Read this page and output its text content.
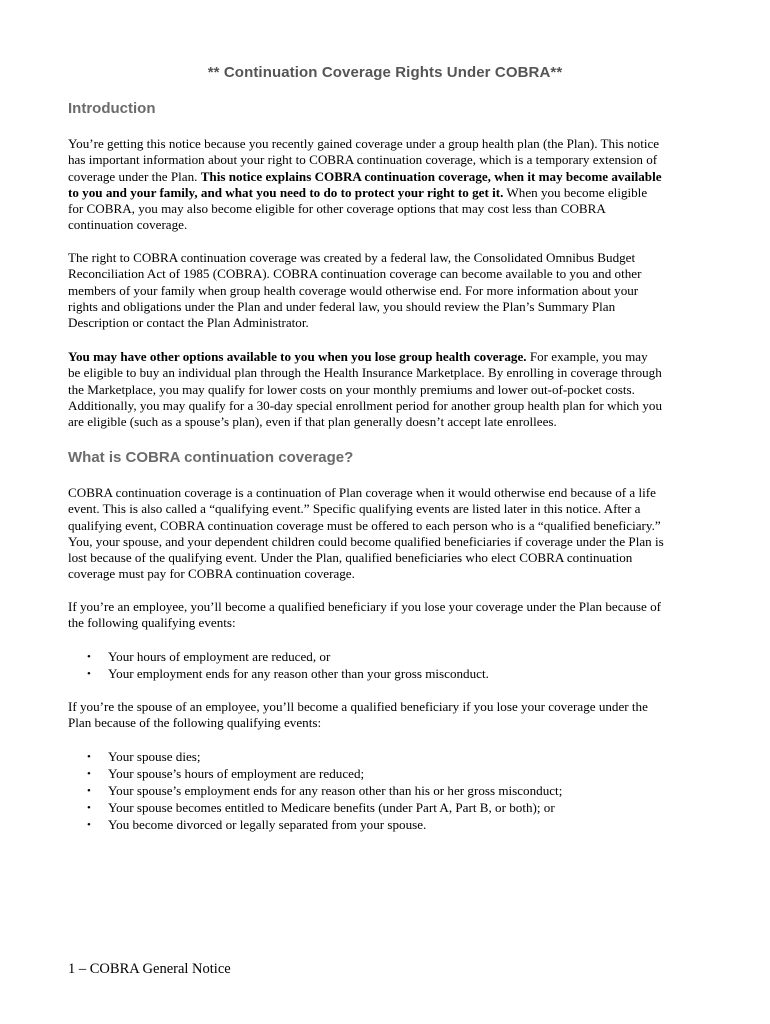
** Continuation Coverage Rights Under COBRA**
Introduction
You’re getting this notice because you recently gained coverage under a group health plan (the Plan). This notice
has important information about your right to COBRA continuation coverage, which is a temporary extension of
coverage under the Plan. This notice explains COBRA continuation coverage, when it may become available
to you and your family, and what you need to do to protect your right to get it. When you become eligible
for COBRA, you may also become eligible for other coverage options that may cost less than COBRA
continuation coverage.
The right to COBRA continuation coverage was created by a federal law, the Consolidated Omnibus Budget
Reconciliation Act of 1985 (COBRA). COBRA continuation coverage can become available to you and other
members of your family when group health coverage would otherwise end. For more information about your
rights and obligations under the Plan and under federal law, you should review the Plan’s Summary Plan
Description or contact the Plan Administrator.
You may have other options available to you when you lose group health coverage. For example, you may
be eligible to buy an individual plan through the Health Insurance Marketplace. By enrolling in coverage through
the Marketplace, you may qualify for lower costs on your monthly premiums and lower out-of-pocket costs.
Additionally, you may qualify for a 30-day special enrollment period for another group health plan for which you
are eligible (such as a spouse’s plan), even if that plan generally doesn’t accept late enrollees.
What is COBRA continuation coverage?
COBRA continuation coverage is a continuation of Plan coverage when it would otherwise end because of a life
event. This is also called a “qualifying event.” Specific qualifying events are listed later in this notice. After a
qualifying event, COBRA continuation coverage must be offered to each person who is a “qualified beneficiary.”
You, your spouse, and your dependent children could become qualified beneficiaries if coverage under the Plan is
lost because of the qualifying event. Under the Plan, qualified beneficiaries who elect COBRA continuation
coverage must pay for COBRA continuation coverage.
If you’re an employee, you’ll become a qualified beneficiary if you lose your coverage under the Plan because of
the following qualifying events:
• Your hours of employment are reduced, or
• Your employment ends for any reason other than your gross misconduct.
If you’re the spouse of an employee, you’ll become a qualified beneficiary if you lose your coverage under the
Plan because of the following qualifying events:
• Your spouse dies;
• Your spouse’s hours of employment are reduced;
• Your spouse’s employment ends for any reason other than his or her gross misconduct;
• Your spouse becomes entitled to Medicare benefits (under Part A, Part B, or both); or
• You become divorced or legally separated from your spouse.
1 – COBRA General Notice
